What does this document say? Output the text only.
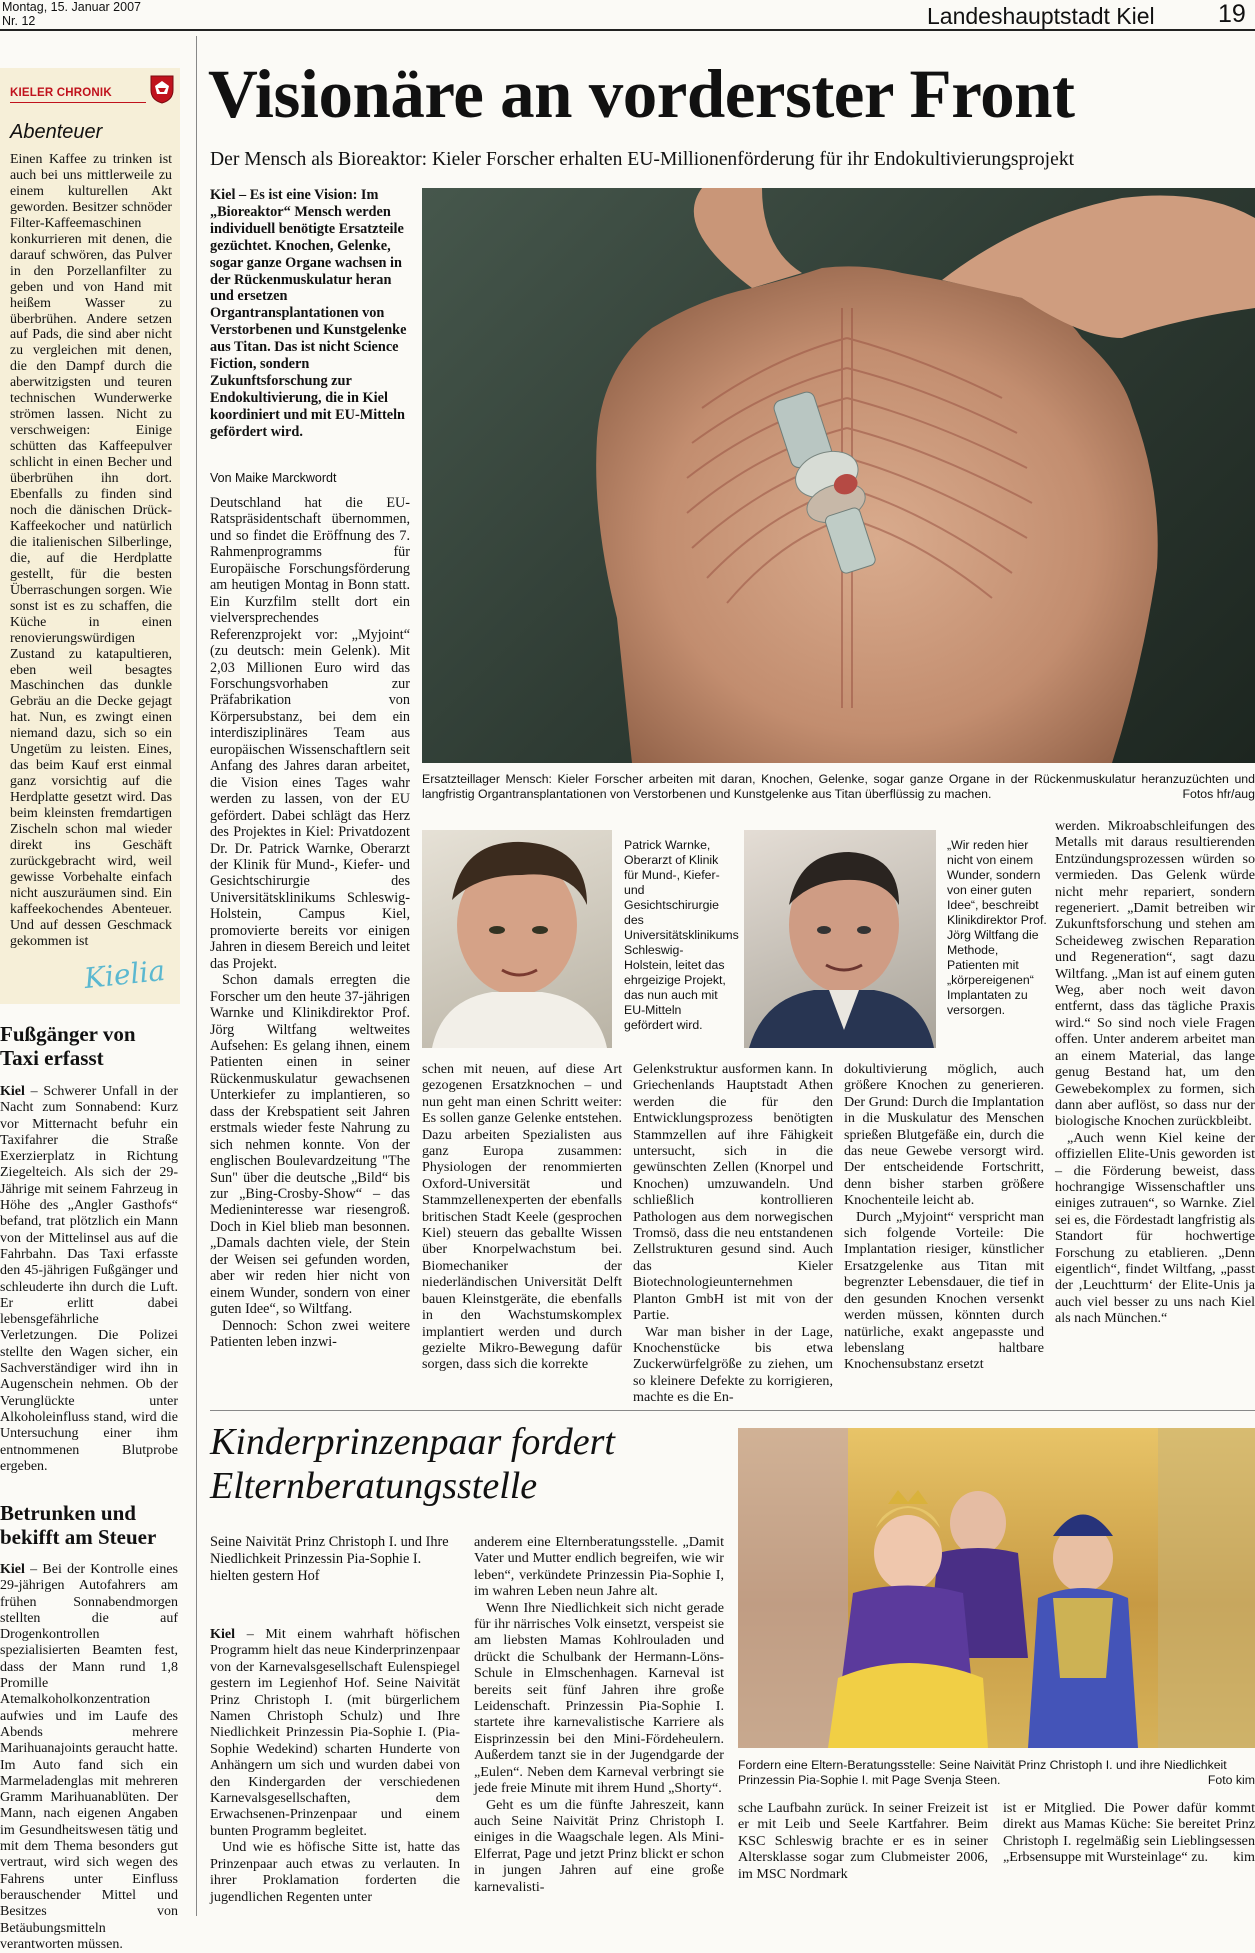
Montag, 15. Januar 2007
Nr. 12	Landeshauptstadt Kiel	19
KIELER CHRONIK
Abenteuer

Einen Kaffee zu trinken ist auch bei uns mittlerweile zu einem kulturellen Akt geworden. Besitzer schnöder Filter-Kaffeemaschinen konkurrieren mit denen, die darauf schwören, das Pulver in den Porzellanfilter zu geben und von Hand mit heißem Wasser zu überbrühen. Andere setzen auf Pads, die sind aber nicht zu vergleichen mit denen, die den Dampf durch die aberwitzigsten und teuren technischen Wunderwerke strömen lassen. Nicht zu verschweigen: Einige schütten das Kaffeepulver schlicht in einen Becher und überbrühen ihn dort. Ebenfalls zu finden sind noch die dänischen Drück-Kaffeekocher und natürlich die italienischen Silberlinge, die, auf die Herdplatte gestellt, für die besten Überraschungen sorgen. Wie sonst ist es zu schaffen, die Küche in einen renovierungswürdigen Zustand zu katapultieren, eben weil besagtes Maschinchen das dunkle Gebräu an die Decke gejagt hat. Nun, es zwingt einen niemand dazu, sich so ein Ungetüm zu leisten. Eines, das beim Kauf erst einmal ganz vorsichtig auf die Herdplatte gesetzt wird. Das beim kleinsten fremdartigen Zischeln schon mal wieder direkt ins Geschäft zurückgebracht wird, weil gewisse Vorbehalte einfach nicht auszuräumen sind. Ein kaffeekochendes Abenteuer. Und auf dessen Geschmack gekommen ist

Kielia
Fußgänger von Taxi erfasst

Kiel – Schwerer Unfall in der Nacht zum Sonnabend: Kurz vor Mitternacht befuhr ein Taxifahrer die Straße Exerzierplatz in Richtung Ziegelteich. Als sich der 29-Jährige mit seinem Fahrzeug in Höhe des „Angler Gasthofs“ befand, trat plötzlich ein Mann von der Mittelinsel aus auf die Fahrbahn. Das Taxi erfasste den 45-jährigen Fußgänger und schleuderte ihn durch die Luft. Er erlitt dabei lebensgefährliche Verletzungen. Die Polizei stellte den Wagen sicher, ein Sachverständiger wird ihn in Augenschein nehmen. Ob der Verunglückte unter Alkoholeinfluss stand, wird die Untersuchung einer ihm entnommenen Blutprobe ergeben.

Betrunken und bekifft am Steuer

Kiel – Bei der Kontrolle eines 29-jährigen Autofahrers am frühen Sonnabendmorgen stellten die auf Drogenkontrollen spezialisierten Beamten fest, dass der Mann rund 1,8 Promille Atemalkoholkonzentration aufwies und im Laufe des Abends mehrere Marihuanajoints geraucht hatte. Im Auto fand sich ein Marmeladenglas mit mehreren Gramm Marihuanablüten. Der Mann, nach eigenen Angaben im Gesundheitswesen tätig und mit dem Thema besonders gut vertraut, wird sich wegen des Fahrens unter Einfluss berauschender Mittel und Besitzes von Betäubungsmitteln verantworten müssen.

Visionäre an vorderster Front
Der Mensch als Bioreaktor: Kieler Forscher erhalten EU-Millionenförderung für ihr Endokultivierungsprojekt

Kiel – Es ist eine Vision: Im „Bioreaktor“ Mensch werden individuell benötigte Ersatzteile gezüchtet. Knochen, Gelenke, sogar ganze Organe wachsen in der Rückenmuskulatur heran und ersetzen Organtransplantationen von Verstorbenen und Kunstgelenke aus Titan. Das ist nicht Science Fiction, sondern Zukunftsforschung zur Endokultivierung, die in Kiel koordiniert und mit EU-Mitteln gefördert wird.

Von Maike Marckwordt

Deutschland hat die EU-Ratspräsidentschaft übernommen, und so findet die Eröffnung des 7. Rahmenprogramms für Europäische Forschungsförderung am heutigen Montag in Bonn statt. Ein Kurzfilm stellt dort ein vielversprechendes Referenzprojekt vor: „Myjoint“ (zu deutsch: mein Gelenk). Mit 2,03 Millionen Euro wird das Forschungsvorhaben zur Präfabrikation von Körpersubstanz, bei dem ein interdisziplinäres Team aus europäischen Wissenschaftlern seit Anfang des Jahres daran arbeitet, die Vision eines Tages wahr werden zu lassen, von der EU gefördert. Dabei schlägt das Herz des Projektes in Kiel: Privatdozent Dr. Dr. Patrick Warnke, Oberarzt der Klinik für Mund-, Kiefer- und Gesichtschirurgie des Universitätsklinikums Schleswig-Holstein, Campus Kiel, promovierte bereits vor einigen Jahren in diesem Bereich und leitet das Projekt.

Schon damals erregten die Forscher um den heute 37-jährigen Warnke und Klinikdirektor Prof. Jörg Wiltfang weltweites Aufsehen: Es gelang ihnen, einem Patienten einen in seiner Rückenmuskulatur gewachsenen Unterkiefer zu implantieren, so dass der Krebspatient seit Jahren erstmals wieder feste Nahrung zu sich nehmen konnte. Von der englischen Boulevardzeitung "The Sun" über die deutsche „Bild“ bis zur „Bing-Crosby-Show“ – das Medieninteresse war riesengroß. Doch in Kiel blieb man besonnen. „Damals dachten viele, der Stein der Weisen sei gefunden worden, aber wir reden hier nicht von einem Wunder, sondern von einer guten Idee“, so Wiltfang.

Dennoch: Schon zwei weitere Patienten leben inzwi-

Ersatzteillager Mensch: Kieler Forscher arbeiten mit daran, Knochen, Gelenke, sogar ganze Organe in der Rückenmuskulatur heranzuzüchten und langfristig Organtransplantationen von Verstorbenen und Kunstgelenke aus Titan überflüssig zu machen.	Fotos hfr/aug
Patrick Warnke, Oberarzt of Klinik für Mund-, Kiefer- und Gesichtschirurgie des Universitätsklinikums Schleswig-Holstein, leitet das ehrgeizige Projekt, das nun auch mit EU-Mitteln gefördert wird.
„Wir reden hier nicht von einem Wunder, sondern von einer guten Idee“, beschreibt Klinikdirektor Prof. Jörg Wiltfang die Methode, Patienten mit „körpereigenen“ Implantaten zu versorgen.

schen mit neuen, auf diese Art gezogenen Ersatzknochen – und nun geht man einen Schritt weiter: Es sollen ganze Gelenke entstehen. Dazu arbeiten Spezialisten aus ganz Europa zusammen: Physiologen der renommierten Oxford-Universität und Stammzellenexperten der ebenfalls britischen Stadt Keele (gesprochen Kiel) steuern das geballte Wissen über Knorpelwachstum bei. Biomechaniker der niederländischen Universität Delft bauen Kleinstgeräte, die ebenfalls in den Wachstumskomplex implantiert werden und durch gezielte Mikro-Bewegung dafür sorgen, dass sich die korrekte

Gelenkstruktur ausformen kann. In Griechenlands Hauptstadt Athen werden die für den Entwicklungsprozess benötigten Stammzellen auf ihre Fähigkeit untersucht, sich in die gewünschten Zellen (Knorpel und Knochen) umzuwandeln. Und schließlich kontrollieren Pathologen aus dem norwegischen Tromsö, dass die neu entstandenen Zellstrukturen gesund sind. Auch das Kieler Biotechnologieunternehmen Planton GmbH ist mit von der Partie.

War man bisher in der Lage, Knochenstücke bis etwa Zuckerwürfelgröße zu ziehen, um so kleinere Defekte zu korrigieren, machte es die En-

dokultivierung möglich, auch größere Knochen zu generieren. Der Grund: Durch die Implantation in die Muskulatur des Menschen sprießen Blutgefäße ein, durch die das neue Gewebe versorgt wird. Der entscheidende Fortschritt, denn bisher starben größere Knochenteile leicht ab.

Durch „Myjoint“ verspricht man sich folgende Vorteile: Die Implantation riesiger, künstlicher Ersatzgelenke aus Titan mit begrenzter Lebensdauer, die tief in den gesunden Knochen versenkt werden müssen, könnten durch natürliche, exakt angepasste und lebenslang haltbare Knochensubstanz ersetzt

werden. Mikroabschleifungen des Metalls mit daraus resultierenden Entzündungsprozessen würden so vermieden. Das Gelenk würde nicht mehr repariert, sondern regeneriert. „Damit betreiben wir Zukunftsforschung und stehen am Scheideweg zwischen Reparation und Regeneration“, sagt dazu Wiltfang. „Man ist auf einem guten Weg, aber noch weit davon entfernt, dass das tägliche Praxis wird.“ So sind noch viele Fragen offen. Unter anderem arbeitet man an einem Material, das lange genug Bestand hat, um den Gewebekomplex zu formen, sich dann aber auflöst, so dass nur der biologische Knochen zurückbleibt.

„Auch wenn Kiel keine der offiziellen Elite-Unis geworden ist – die Förderung beweist, dass hochrangige Wissenschaftler uns einiges zutrauen“, so Warnke. Ziel sei es, die Fördestadt langfristig als Standort für hochwertige Forschung zu etablieren. „Denn eigentlich“, findet Wiltfang, „passt der ‚Leuchtturm‘ der Elite-Unis ja auch viel besser zu uns nach Kiel als nach München.“

Kinderprinzenpaar fordert Elternberatungsstelle
Seine Naivität Prinz Christoph I. und Ihre Niedlichkeit Prinzessin Pia-Sophie I. hielten gestern Hof

Kiel – Mit einem wahrhaft höfischen Programm hielt das neue Kinderprinzenpaar von der Karnevalsgesellschaft Eulenspiegel gestern im Legienhof Hof. Seine Naivität Prinz Christoph I. (mit bürgerlichem Namen Christoph Schulz) und Ihre Niedlichkeit Prinzessin Pia-Sophie I. (Pia-Sophie Wedekind) scharten Hunderte von Anhängern um sich und wurden dabei von den Kindergarden der verschiedenen Karnevalsgesellschaften, dem Erwachsenen-Prinzenpaar und einem bunten Programm begleitet.

Und wie es höfische Sitte ist, hatte das Prinzenpaar auch etwas zu verlauten. In ihrer Proklamation forderten die jugendlichen Regenten unter

anderem eine Elternberatungsstelle. „Damit Vater und Mutter endlich begreifen, wie wir leben“, verkündete Prinzessin Pia-Sophie I, im wahren Leben neun Jahre alt.

Wenn Ihre Niedlichkeit sich nicht gerade für ihr närrisches Volk einsetzt, verspeist sie am liebsten Mamas Kohlrouladen und drückt die Schulbank der Hermann-Löns-Schule in Elmschenhagen. Karneval ist bereits seit fünf Jahren ihre große Leidenschaft. Prinzessin Pia-Sophie I. startete ihre karnevalistische Karriere als Eisprinzessin bei den Mini-Fördeheulern. Außerdem tanzt sie in der Jugendgarde der „Eulen“. Neben dem Karneval verbringt sie jede freie Minute mit ihrem Hund „Shorty“.

Geht es um die fünfte Jahreszeit, kann auch Seine Naivität Prinz Christoph I. einiges in die Waagschale legen. Als Mini-Elferrat, Page und jetzt Prinz blickt er schon in jungen Jahren auf eine große karnevalisti-

Fordern eine Eltern-Beratungsstelle: Seine Naivität Prinz Christoph I. und ihre Niedlichkeit Prinzessin Pia-Sophie I. mit Page Svenja Steen.	Foto kim

sche Laufbahn zurück. In seiner Freizeit ist er mit Leib und Seele Kartfahrer. Beim KSC Schleswig brachte er es in seiner Altersklasse sogar zum Clubmeister 2006, im MSC Nordmark

ist er Mitglied. Die Power dafür kommt direkt aus Mamas Küche: Sie bereitet Prinz Christoph I. regelmäßig sein Lieblingsessen „Erbsensuppe mit Wursteinlage“ zu. kim
